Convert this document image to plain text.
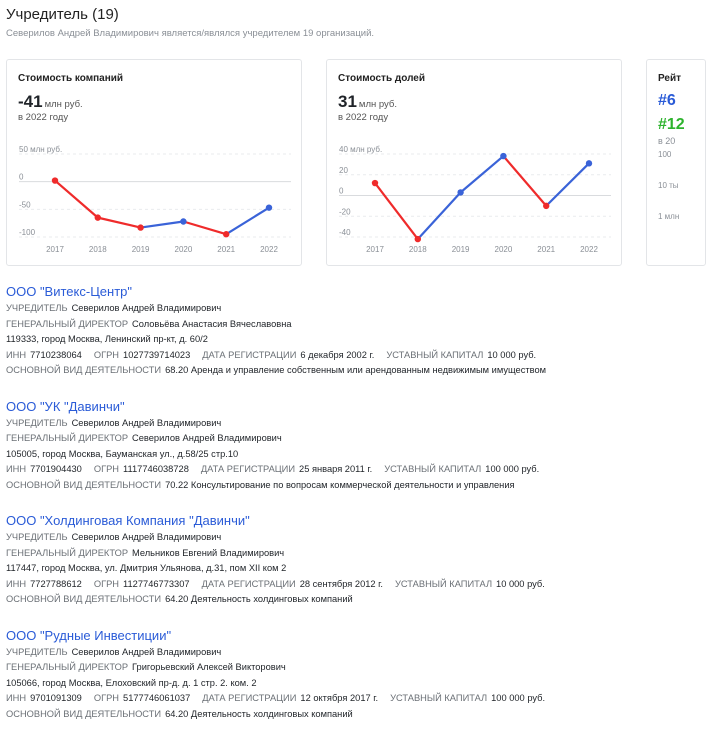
Учредитель (19)
Северилов Андрей Владимирович является/являлся учредителем 19 организаций.
Стоимость компаний
-41 млн руб.
в 2022 году
50 млн руб.
0
-50
-100
2017	2018	2019	2020	2021	2022
Стоимость долей
31 млн руб.
в 2022 году
40 млн руб.
20
0
-20
-40
2017	2018	2019	2020	2021	2022
Рейт
#6
#12
в 20
100
10 ты
1 млн
ООО "Витекс-Центр"
УЧРЕДИТЕЛЬ Северилов Андрей Владимирович
ГЕНЕРАЛЬНЫЙ ДИРЕКТОР Соловьёва Анастасия Вячеславовна
119333, город Москва, Ленинский пр-кт, д. 60/2
ИНН 7710238064 ОГРН 1027739714023 ДАТА РЕГИСТРАЦИИ 6 декабря 2002 г. УСТАВНЫЙ КАПИТАЛ 10 000 руб.
ОСНОВНОЙ ВИД ДЕЯТЕЛЬНОСТИ 68.20 Аренда и управление собственным или арендованным недвижимым имуществом
ООО "УК "Давинчи"
УЧРЕДИТЕЛЬ Северилов Андрей Владимирович
ГЕНЕРАЛЬНЫЙ ДИРЕКТОР Северилов Андрей Владимирович
105005, город Москва, Бауманская ул., д.58/25 стр.10
ИНН 7701904430 ОГРН 1117746038728 ДАТА РЕГИСТРАЦИИ 25 января 2011 г. УСТАВНЫЙ КАПИТАЛ 100 000 руб.
ОСНОВНОЙ ВИД ДЕЯТЕЛЬНОСТИ 70.22 Консультирование по вопросам коммерческой деятельности и управления
ООО "Холдинговая Компания "Давинчи"
УЧРЕДИТЕЛЬ Северилов Андрей Владимирович
ГЕНЕРАЛЬНЫЙ ДИРЕКТОР Мельников Евгений Владимирович
117447, город Москва, ул. Дмитрия Ульянова, д.31, пом XII ком 2
ИНН 7727788612 ОГРН 1127746773307 ДАТА РЕГИСТРАЦИИ 28 сентября 2012 г. УСТАВНЫЙ КАПИТАЛ 10 000 руб.
ОСНОВНОЙ ВИД ДЕЯТЕЛЬНОСТИ 64.20 Деятельность холдинговых компаний
ООО "Рудные Инвестиции"
УЧРЕДИТЕЛЬ Северилов Андрей Владимирович
ГЕНЕРАЛЬНЫЙ ДИРЕКТОР Григорьевский Алексей Викторович
105066, город Москва, Елоховский пр-д. д. 1 стр. 2. ком. 2
ИНН 9701091309 ОГРН 5177746061037 ДАТА РЕГИСТРАЦИИ 12 октября 2017 г. УСТАВНЫЙ КАПИТАЛ 100 000 руб.
ОСНОВНОЙ ВИД ДЕЯТЕЛЬНОСТИ 64.20 Деятельность холдинговых компаний
